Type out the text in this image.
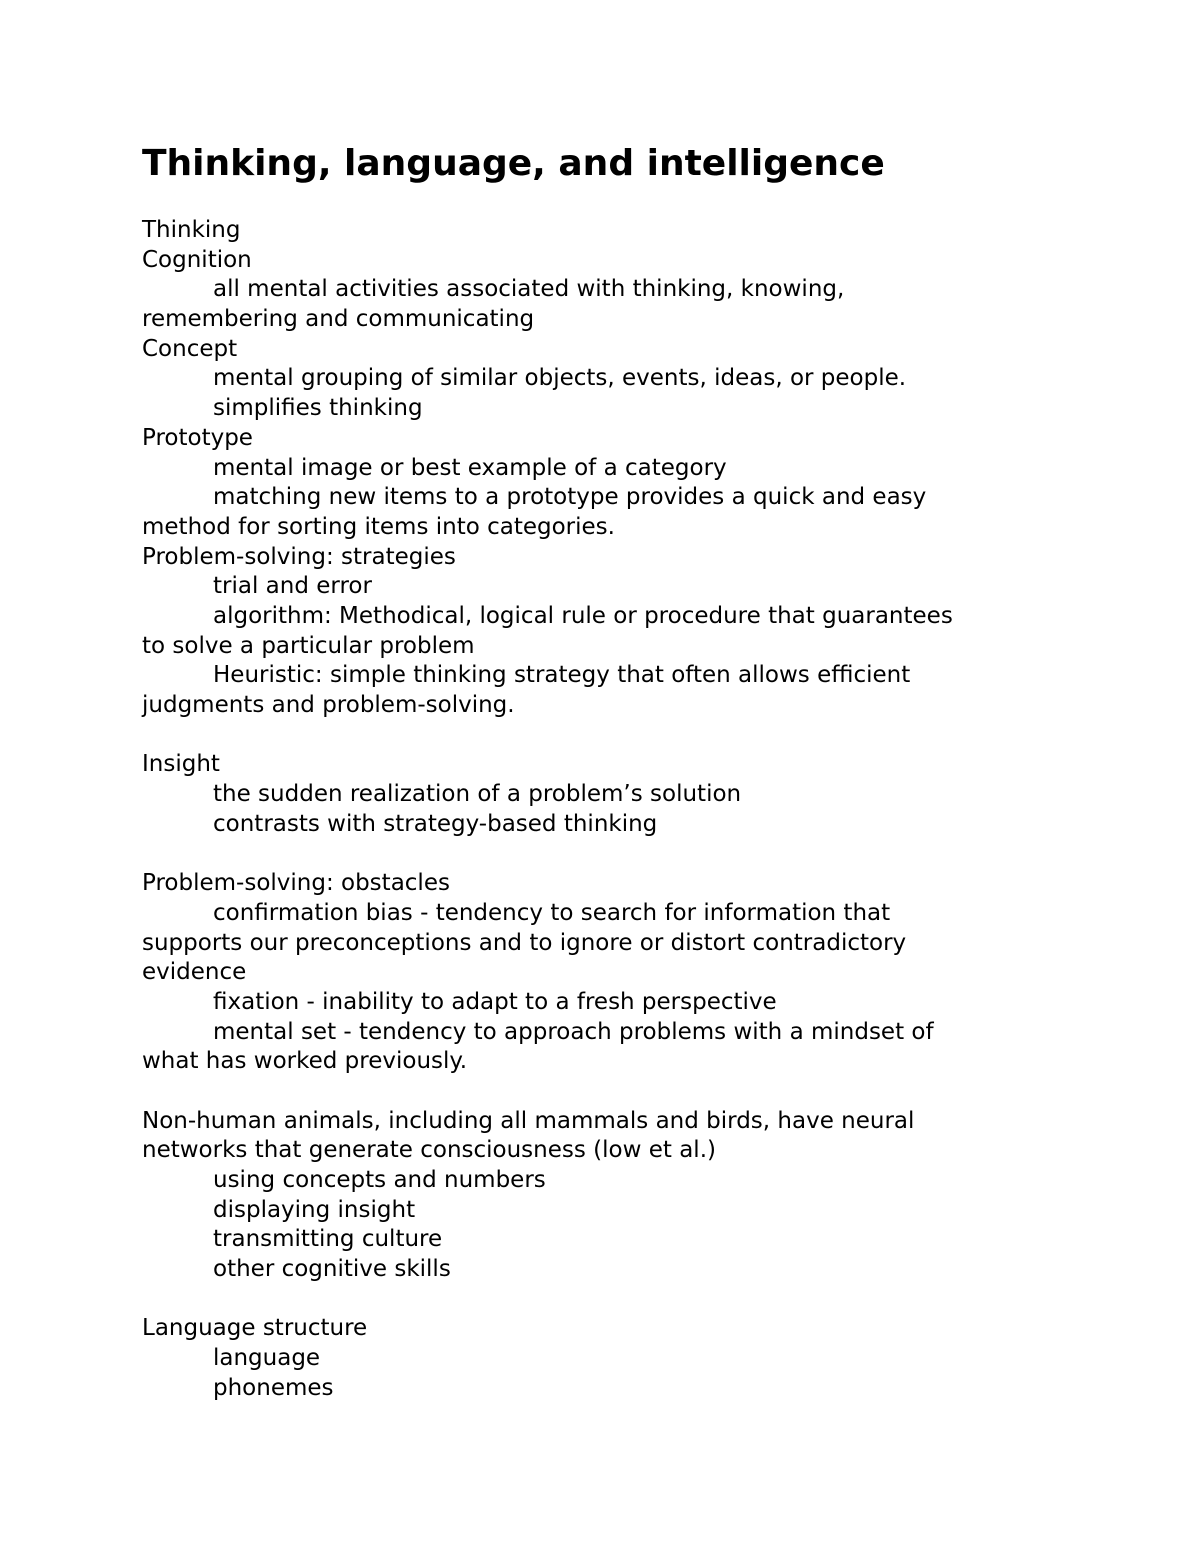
Thinking, language, and intelligence
Thinking
Cognition
all mental activities associated with thinking, knowing,
remembering and communicating
Concept
mental grouping of similar objects, events, ideas, or people.
simplifies thinking
Prototype
mental image or best example of a category
matching new items to a prototype provides a quick and easy
method for sorting items into categories.
Problem-solving: strategies
trial and error
algorithm: Methodical, logical rule or procedure that guarantees
to solve a particular problem
Heuristic: simple thinking strategy that often allows efficient
judgments and problem-solving.
Insight
the sudden realization of a problem’s solution
contrasts with strategy-based thinking
Problem-solving: obstacles
confirmation bias - tendency to search for information that
supports our preconceptions and to ignore or distort contradictory
evidence
fixation - inability to adapt to a fresh perspective
mental set - tendency to approach problems with a mindset of
what has worked previously.
Non-human animals, including all mammals and birds, have neural
networks that generate consciousness (low et al.)
using concepts and numbers
displaying insight
transmitting culture
other cognitive skills
Language structure
language
phonemes
